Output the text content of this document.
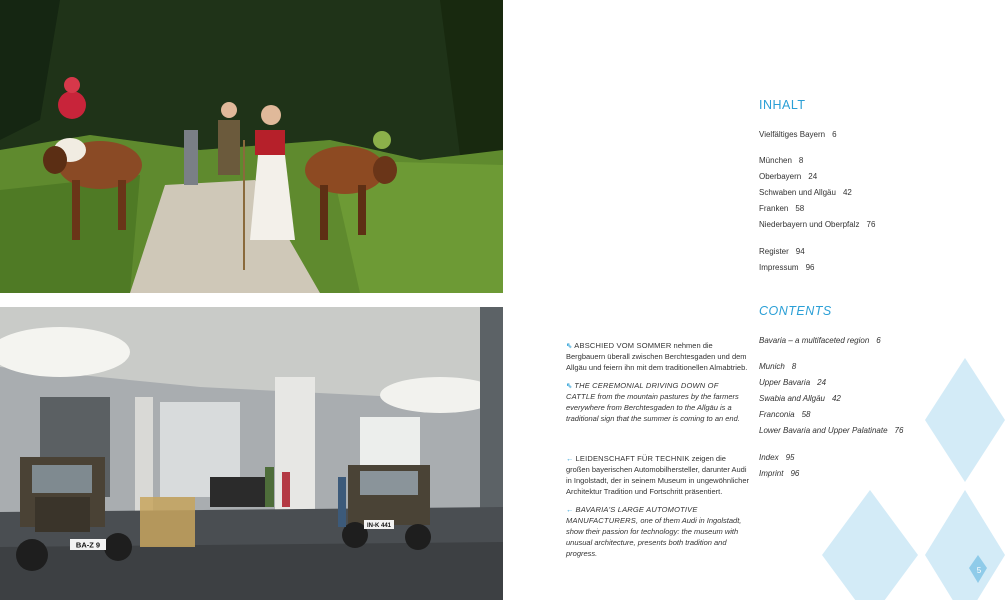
BA-Z 9
IN-K 441
INHALT
Vielfältiges Bayern 6
München 8
Oberbayern 24
Schwaben und Allgäu 42
Franken 58
Niederbayern und Oberpfalz 76
Register 94
Impressum 96
CONTENTS
Bavaria – a multifaceted region 6
Munich 8
Upper Bavaria 24
Swabia and Allgäu 42
Franconia 58
Lower Bavaria and Upper Palatinate 76
Index 95
Imprint 96

⇖ ABSCHIED VOM SOMMER nehmen die Bergbauern überall zwischen Berchtesgaden und dem Allgäu und feiern ihn mit dem traditionellen Almabtrieb.

⇖ THE CEREMONIAL DRIVING DOWN OF CATTLE from the mountain pastures by the farmers everywhere from Berchtesgaden to the Allgäu is a traditional sign that the summer is coming to an end.

← LEIDENSCHAFT FÜR TECHNIK zeigen die großen bayerischen Automobilhersteller, darunter Audi in Ingolstadt, der in seinem Museum in ungewöhnlicher Architektur Tradition und Fortschritt präsentiert.

← BAVARIA'S LARGE AUTOMOTIVE MANUFACTURERS, one of them Audi in Ingolstadt, show their passion for technology: the museum with unusual architecture, presents both tradition and progress.

5
